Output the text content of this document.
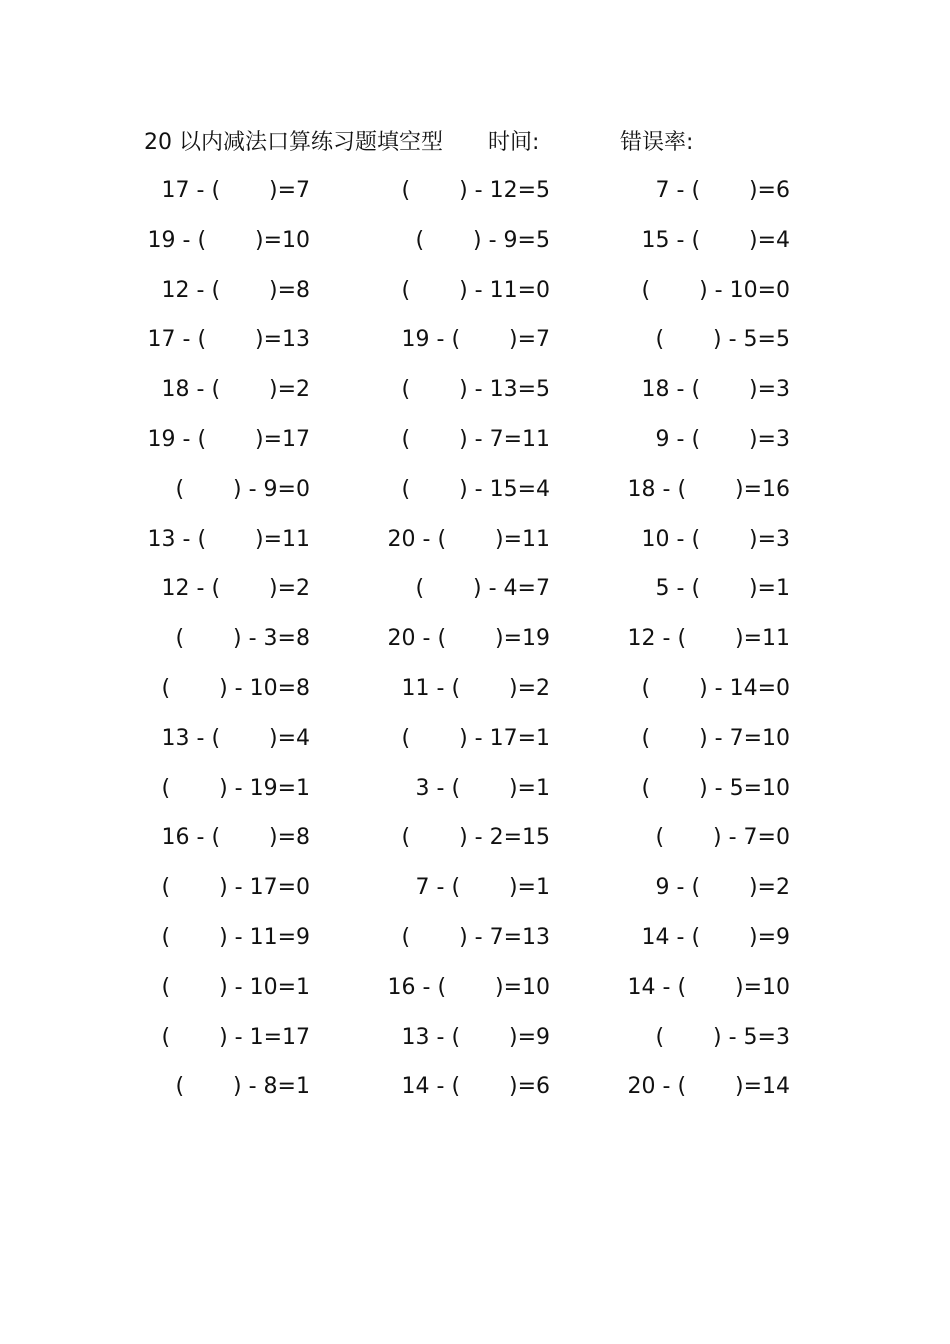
20 以内减法口算练习题填空型 时间:	错误率:
17 - (       )=7	(       ) - 12=5	7 - (       )=6
19 - (       )=10	(       ) - 9=5	15 - (       )=4
12 - (       )=8	(       ) - 11=0	(       ) - 10=0
17 - (       )=13	19 - (       )=7	(       ) - 5=5
18 - (       )=2	(       ) - 13=5	18 - (       )=3
19 - (       )=17	(       ) - 7=11	9 - (       )=3
(       ) - 9=0	(       ) - 15=4	18 - (       )=16
13 - (       )=11	20 - (       )=11	10 - (       )=3
12 - (       )=2	(       ) - 4=7	5 - (       )=1
(       ) - 3=8	20 - (       )=19	12 - (       )=11
(       ) - 10=8	11 - (       )=2	(       ) - 14=0
13 - (       )=4	(       ) - 17=1	(       ) - 7=10
(       ) - 19=1	3 - (       )=1	(       ) - 5=10
16 - (       )=8	(       ) - 2=15	(       ) - 7=0
(       ) - 17=0	7 - (       )=1	9 - (       )=2
(       ) - 11=9	(       ) - 7=13	14 - (       )=9
(       ) - 10=1	16 - (       )=10	14 - (       )=10
(       ) - 1=17	13 - (       )=9	(       ) - 5=3
(       ) - 8=1	14 - (       )=6	20 - (       )=14
